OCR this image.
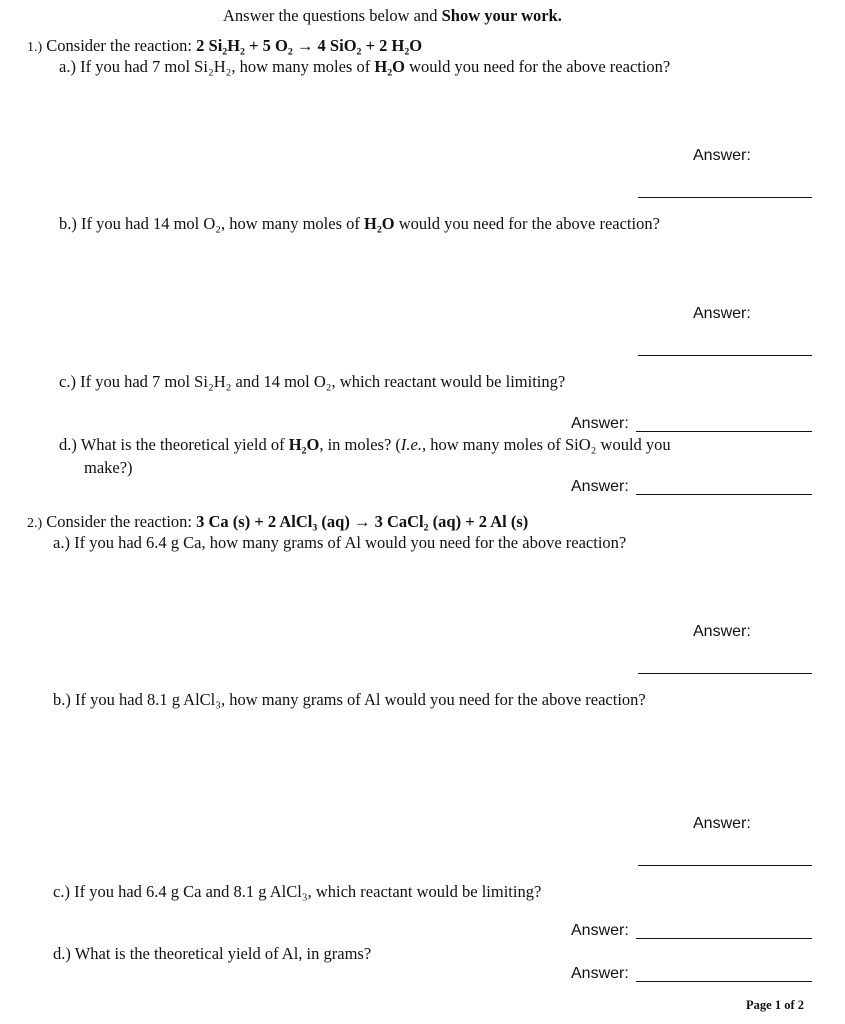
Answer the questions below and Show your work.
1.) Consider the reaction: 2 Si₂H₂ + 5 O₂ → 4 SiO₂ + 2 H₂O
a.) If you had 7 mol Si₂H₂, how many moles of H₂O would you need for the above reaction?
Answer:
b.) If you had 14 mol O₂, how many moles of H₂O would you need for the above reaction?
Answer:
c.) If you had 7 mol Si₂H₂ and 14 mol O₂, which reactant would be limiting?
Answer:
d.) What is the theoretical yield of H₂O, in moles? (I.e., how many moles of SiO₂ would you
make?)
Answer:
2.) Consider the reaction: 3 Ca (s) + 2 AlCl₃ (aq) → 3 CaCl₂ (aq) + 2 Al (s)
a.) If you had 6.4 g Ca, how many grams of Al would you need for the above reaction?
Answer:
b.) If you had 8.1 g AlCl₃, how many grams of Al would you need for the above reaction?
Answer:
c.) If you had 6.4 g Ca and 8.1 g AlCl₃, which reactant would be limiting?
Answer:
d.) What is the theoretical yield of Al, in grams?
Answer:
Page 1 of 2
